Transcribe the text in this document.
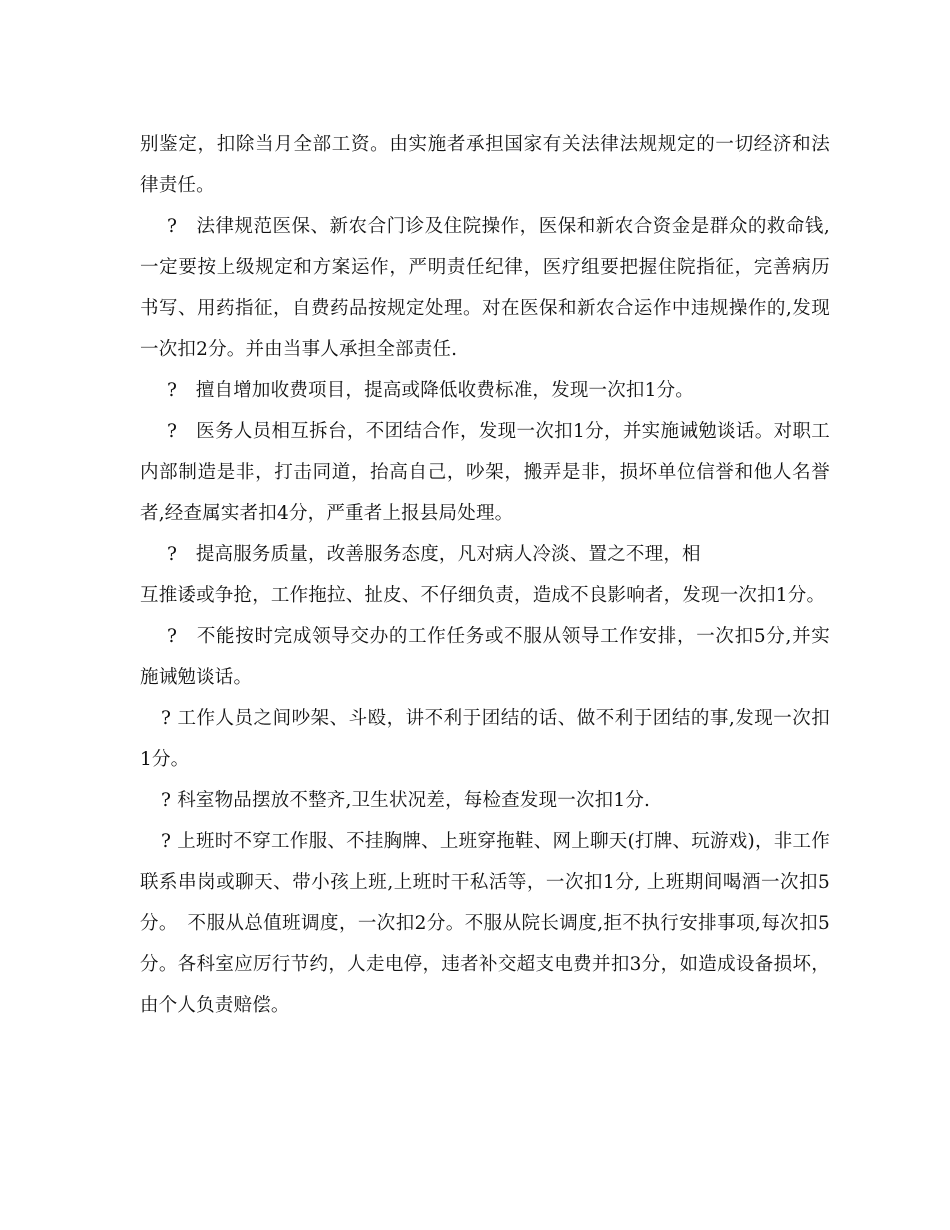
别鉴定，扣除当月全部工资。由实施者承担国家有关法律法规规定的一切经济和法律责任。

?　法律规范医保、新农合门诊及住院操作，医保和新农合资金是群众的救命钱,一定要按上级规定和方案运作，严明责任纪律，医疗组要把握住院指征，完善病历书写、用药指征，自费药品按规定处理。对在医保和新农合运作中违规操作的,发现一次扣2分。并由当事人承担全部责任.

?　擅自增加收费项目，提高或降低收费标准，发现一次扣1分。

?　医务人员相互拆台，不团结合作，发现一次扣1分，并实施诫勉谈话。对职工内部制造是非，打击同道，抬高自己，吵架，搬弄是非，损坏单位信誉和他人名誉者,经查属实者扣4分，严重者上报县局处理。

?　提高服务质量，改善服务态度，凡对病人冷淡、置之不理，相

互推诿或争抢，工作拖拉、扯皮、不仔细负责，造成不良影响者，发现一次扣1分。

?　不能按时完成领导交办的工作任务或不服从领导工作安排，一次扣5分,并实施诫勉谈话。

? 工作人员之间吵架、斗殴，讲不利于团结的话、做不利于团结的事,发现一次扣1分。

? 科室物品摆放不整齐,卫生状况差，每检查发现一次扣1分.

? 上班时不穿工作服、不挂胸牌、上班穿拖鞋、网上聊天(打牌、玩游戏)，非工作联系串岗或聊天、带小孩上班,上班时干私活等，一次扣1分, 上班期间喝酒一次扣5分。　不服从总值班调度，一次扣2分。不服从院长调度,拒不执行安排事项,每次扣5分。各科室应厉行节约，人走电停，违者补交超支电费并扣3分，如造成设备损坏，由个人负责赔偿。
